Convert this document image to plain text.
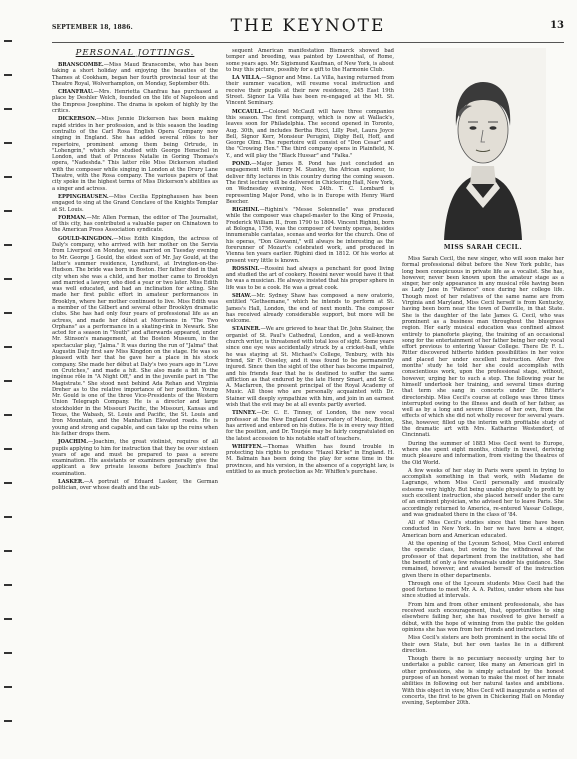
SEPTEMBER 18, 1886.	THE KEYNOTE	13
PERSONAL JOTTINGS.

BRANSCOMBE.—Miss Maud Branscombe, who has been taking a short holiday and enjoying the beauties of the Thames at Cookham, began her fourth provincial tour at the Theatre Royal, Wolverhampton, on Monday, September 6th.

CHANFRAU.—Mrs. Henrietta Chanfrau has purchased a place by Deshler Welch, founded on the life of Napoleon and the Empress Josephine. The drama is spoken of highly by the critics.

DICKERSON.—Miss Jennie Dickerson has been making rapid strides in her profession, and is this season the leading contralto of the Carl Rosa English Opera Company now singing in England. She has added several rôles to her repertoire, prominent among them being Ortrude, in "Lohengrin," which she studied with George Henschel in London, and that of Princess Natalie in Goring Thomas's opera, "Nadeshda." This latter rôle Miss Dickerson studied with the composer while singing in London at the Drury Lane Theatre, with the Rosa company. The various papers of that city spoke in the highest terms of Miss Dickerson's abilities as a singer and actress.

EPPINGHAUSEN.—Miss Cecilia Eppinghausen has been engaged to sing at the Grand Conclave of the Knights Templar at St. Louis.

FORMAN.—Mr. Allen Forman, the editor of The Journalist, of this city, has contributed a valuable paper on Chinatown to the American Press Association syndicate.

GOULD-KINGDON.—Miss Edith Kingdon, the actress of Daly's company, who arrived with her mother on the Servia from Liverpool on Monday, was married on Tuesday evening to Mr. George J. Gould, the eldest son of Mr. Jay Gould, at the latter's summer residence, Lyndhurst, at Irvington-on-the-Hudson. The bride was born in Boston. Her father died in that city when she was a child, and her mother came to Brooklyn and married a lawyer, who died a year or two later. Miss Edith was well educated, and had an inclination for acting. She made her first public effort in amateur performances in Brooklyn, where her mother continued to live. Miss Edith was a member of the Gilbert and several other Brooklyn dramatic clubs. She has had only four years of professional life as an actress, and made her début at Morrisons in "The Two Orphans" as a performance in a skating-rink in Newark. She acted for a season in "Youth" and afterwards appeared, under Mr. Stinson's management, at the Boston Museum, in the spectacular play, "Jalma." It was during the run of "Jalma" that Augustin Daly first saw Miss Kingdon on the stage. He was so pleased with her that he gave her a place in his stock company. She made her début at Daly's two years ago in "Love on Crutches," and made a hit. She also made a hit in the ingénue rôle in "A Night Off," and in the juvenile part in "The Magistrate." She stood next behind Ada Rehan and Virginia Dreher as to the relative importance of her position. Young Mr. Gould is one of the three Vice-Presidents of the Western Union Telegraph Company. He is a director and large stockholder in the Missouri Pacific, the Missouri, Kansas and Texas, the Wabash, St. Louis and Pacific, the St. Louis and Iron Mountain, and the Manhattan Elevated roads. He is young and strong and capable, and can take up the reins when his father drops them.

JOACHIM.—Joachim, the great violinist, requires of all pupils applying to him for instruction that they be over sixteen years of age and must be prepared to pass a severe examination. His assistants or examiners generally give the applicant a few private lessons before Joachim's final examination.

LASKER.—A portrait of Eduard Lasker, the German politician, over whose death and the sub-

sequent American manifestation Bismarck showed bad temper and breeding, was painted by Lowenthal, of Rome, some years ago. Mr. Sigismund Kaufman, of New York, is about to buy this picture, possibly for a gift to the Harmonie Club.

LA VILLA.—Signor and Mme. La Villa, having returned from their summer vacation, will resume vocal instruction and receive their pupils at their new residence, 245 East 19th Street. Signor La Villa has been re-engaged at the Mt. St. Vincent Seminary.

MCCAULL.—Colonel McCaull will have three companies this season. The first company, which is now at Wallack's, leaves soon for Philadelphia. The second opened in Toronto, Aug. 30th, and includes Bertha Ricci, Lilly Post, Laura Joyce Bell, Signor Kerr, Monsieur Perugini, Digby Bell, Hoff, and George Olmi. The repertoire will consist of "Don Cesar" and the "Crowing Hen." The third company opens in Plainfield, N. Y., and will play the "Black Hussar" and "Falka."

POND.—Major James B. Pond has just concluded an engagement with Henry M. Stanley, the African explorer, to deliver fifty lectures in this country during the coming season. The first lecture will be delivered in Chickering Hall, New York, on Wednesday evening, Nov. 24th. T. C. Lombard is representing Major Pond, who is in Europe with Henry Ward Beecher.

RIGHINI.—Righini's "Messe Solennelle" was produced while the composer was chapel-master to the King of Prussia, Frederick William II., from 1790 to 1804. Vincent Righini, born at Bologna, 1756, was the composer of twenty operas, besides innumerable cantatas, scenas and works for the church. One of his operas, "Don Giovanni," will always be interesting as the forerunner of Mozart's celebrated work, and produced in Vienna ten years earlier. Righini died in 1812. Of his works at present very little is known.

ROSSINI.—Rossini had always a penchant for good living and studied the art of cookery. Rossini never would have it that he was a musician. He always insisted that his proper sphere in life was to be a cook. He was a great cook.

SHAW.—Mr. Sydney Shaw has composed a new oratorio, entitled "Gethsemane," which he intends to perform at St. James's Hall, London, the end of next month. The composer has received already considerable support, but more will be welcome.

STAINER.—We are grieved to hear that Dr. John Stainer, the organist of St. Paul's Cathedral, London, and a well-known church writer, is threatened with total loss of sight. Some years since one eye was accidentally struck by a cricket-ball, while he was staying at St. Michael's College, Tenbury, with his friend, Sir F. Ouseley, and it was found to be permanently injured. Since then the sight of the other has become impaired, and his friends fear that he is destined to suffer the same affliction as that endured by the late Henry Smart, and Sir G. A. Macfarren, the present principal of the Royal Academy of Music. All those who are personally acquainted with Dr. Stainer will deeply sympathize with him, and join in an earnest wish that the evil may be at all events partly averted.

TINNEY.—Dr. C. E. Tinney, of London, the new vocal professor at the New England Conservatory of Music, Boston, has arrived and entered on his duties. He is in every way fitted for the position, and Dr. Tourjée may be fairly congratulated on the latest accession to his notable staff of teachers.

WHIFFEN.—Thomas Whiffen has found trouble in protecting his rights to produce "Hazel Kirke" in England. H. M. Balmain has been doing the play for some time in the provinces, and his version, in the absence of a copyright law, is entitled to as much protection as Mr. Whiffen's purchase.

MISS SARAH CECIL.

Miss Sarah Cecil, the new singer, who will soon make her formal professional début before the New York public, has long been conspicuous in private life as a vocalist. She has, however, never been known upon the amateur stage as a singer, her only appearance in any musical rôle having been as Lady Jane in "Patience" once during her college life. Though most of her relatives of the same name are from Virginia and Maryland, Miss Cecil herself is from Kentucky, having been born near the town of Danville, in that State. She is the daughter of the late James G. Cecil, who was prominent as a business man throughout the bluegrass region. Her early musical education was confined almost entirely to pianoforte playing, the training of an occasional song for the entertainment of her father being her only vocal effort previous to entering Vassar College. There Dr. F. L. Ritter discovered hitherto hidden possibilities in her voice and placed her under excellent instruction. After five months' study he told her she could accomplish with conscientious work, upon the professional stage, without, however, urging her to such a step. The following year he himself undertook her training, and several times during that term she sang in concerts under Dr. Ritter's directorship. Miss Cecil's course at college was three times interrupted owing to the illness and death of her father, as well as by a long and severe illness of her own, from the effects of which she did not wholly recover for several years. She, however, filled up the interim with profitable study of the dramatic art with Mrs. Katharine Westendorf, of Cincinnati.

During the summer of 1883 Miss Cecil went to Europe, where she spent eight months, chiefly in travel, deriving much pleasure and information, from visiting the theatres of the Old World.

A few weeks of her stay in Paris were spent in trying to accomplish something in that work, with Madame de Lagrange, whom Miss Cecil personally and musically esteems very highly. But being unable physically to profit by such excellent instruction, she placed herself under the care of an eminent physician, who advised her to leave Paris. She accordingly returned to America, re-entered Vassar College, and was graduated there in the class of '84.

All of Miss Cecil's studies since that time have been conducted in New York. In her we have here a singer, American born and American educated.

At the opening of the Lyceum School, Miss Cecil entered the operatic class, but owing to the withdrawal of the professor of that department from the institution, she had the benefit of only a few rehearsals under his guidance. She remained, however, and availed herself of the instruction given there in other departments.

Through one of the Lyceum students Miss Cecil had the good fortune to meet Mr. A. A. Pattou, under whom she has since studied at intervals.

From him and from other eminent professionals, she has received such encouragement, that, opportunities to sing elsewhere failing her, she has resolved to give herself a début, with the hope of winning from the public the golden opinions she has won from her friends and instructors.

Miss Cecil's sisters are both prominent in the social life of their own State, but her own tastes lie in a different direction.

Though there is no pecuniary necessity urging her to undertake a public career, like many an American girl in other professions, she is simply actuated by the honest purpose of an honest woman to make the most of her innate abilities in following out her natural tastes and ambitions. With this object in view, Miss Cecil will inaugurate a series of concerts, the first to be given in Chickering Hall on Monday evening, September 20th.
